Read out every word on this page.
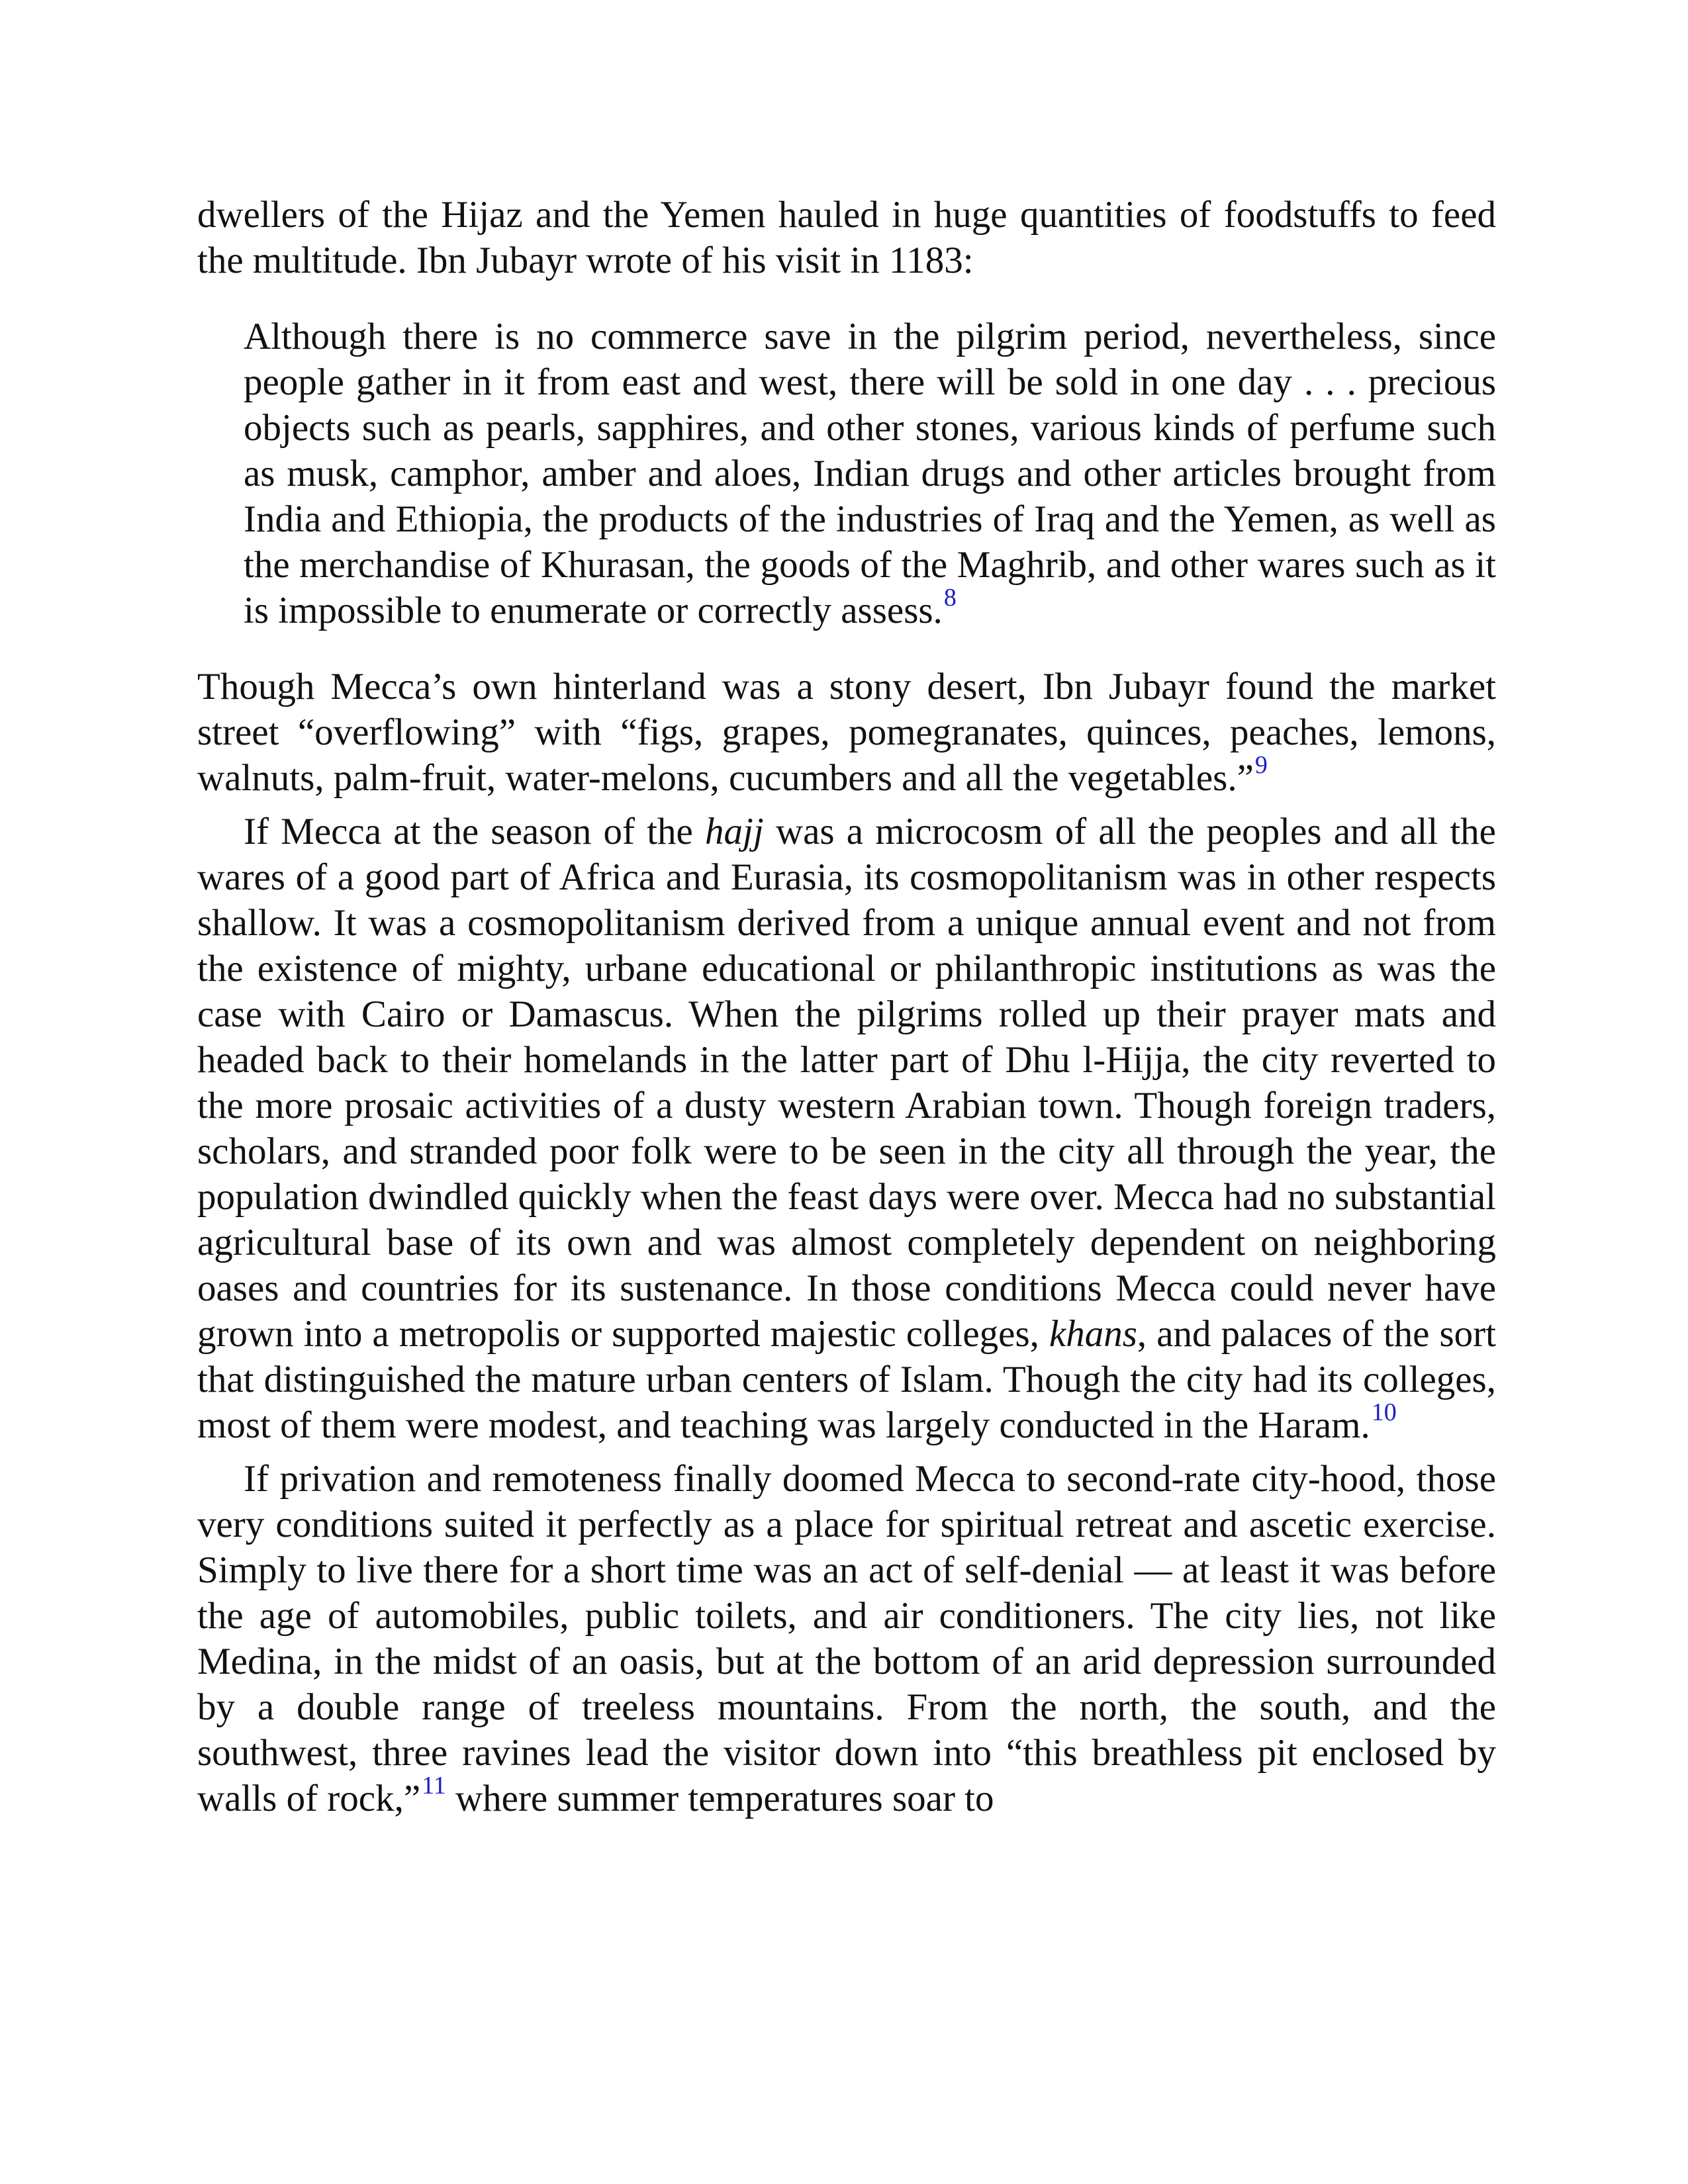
dwellers of the Hijaz and the Yemen hauled in huge quantities of foodstuffs to feed the multitude. Ibn Jubayr wrote of his visit in 1183:

Although there is no commerce save in the pilgrim period, nevertheless, since people gather in it from east and west, there will be sold in one day . . . precious objects such as pearls, sapphires, and other stones, various kinds of perfume such as musk, camphor, amber and aloes, Indian drugs and other articles brought from India and Ethiopia, the products of the industries of Iraq and the Yemen, as well as the merchandise of Khurasan, the goods of the Maghrib, and other wares such as it is impossible to enumerate or correctly assess.$^8$

Though Mecca’s own hinterland was a stony desert, Ibn Jubayr found the market street “overflowing” with “figs, grapes, pomegranates, quinces, peaches, lemons, walnuts, palm-fruit, water-melons, cucumbers and all the vegetables.”$^9$

If Mecca at the season of the hajj was a microcosm of all the peoples and all the wares of a good part of Africa and Eurasia, its cosmopolitanism was in other respects shallow. It was a cosmopolitanism derived from a unique annual event and not from the existence of mighty, urbane educational or philanthropic institutions as was the case with Cairo or Damascus. When the pilgrims rolled up their prayer mats and headed back to their homelands in the latter part of Dhu l-Hijja, the city reverted to the more prosaic activities of a dusty western Arabian town. Though foreign traders, scholars, and stranded poor folk were to be seen in the city all through the year, the population dwindled quickly when the feast days were over. Mecca had no substantial agricultural base of its own and was almost completely dependent on neighboring oases and countries for its sustenance. In those conditions Mecca could never have grown into a metropolis or supported majestic colleges, khans, and palaces of the sort that distinguished the mature urban centers of Islam. Though the city had its colleges, most of them were modest, and teaching was largely conducted in the Haram.$^{10}$

If privation and remoteness finally doomed Mecca to second-rate city-hood, those very conditions suited it perfectly as a place for spiritual retreat and ascetic exercise. Simply to live there for a short time was an act of self-denial — at least it was before the age of automobiles, public toilets, and air conditioners. The city lies, not like Medina, in the midst of an oasis, but at the bottom of an arid depression surrounded by a double range of treeless mountains. From the north, the south, and the southwest, three ravines lead the visitor down into “this breathless pit enclosed by walls of rock,”$^{11}$ where summer temperatures soar to
